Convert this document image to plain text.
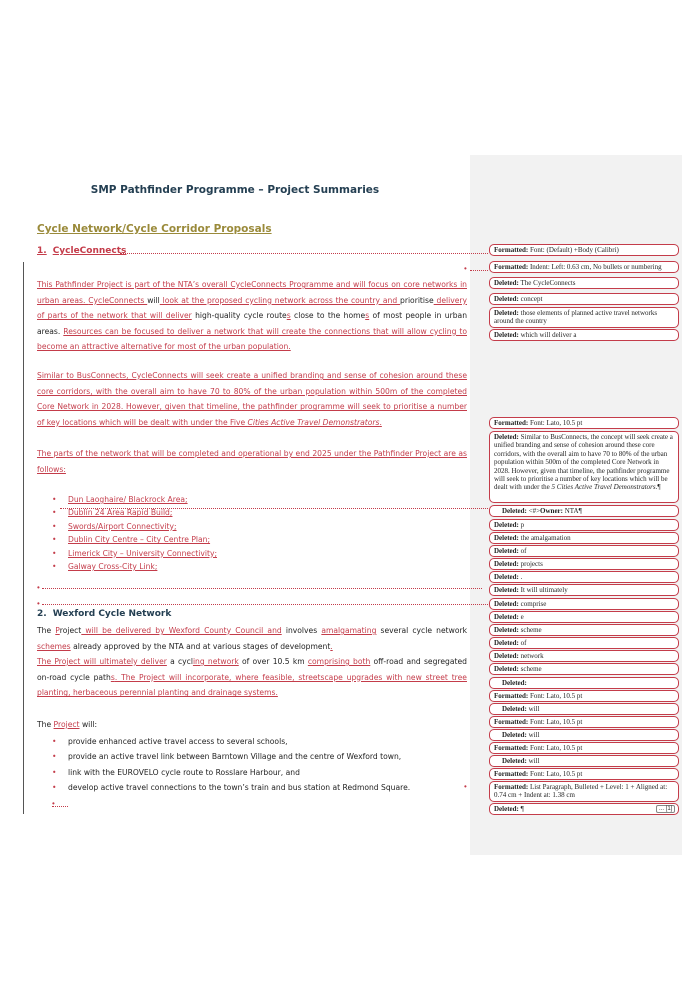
SMP Pathfinder Programme – Project Summaries
Cycle Network/Cycle Corridor Proposals
1. CycleConnects
•
This Pathfinder Project is part of the NTA’s overall CycleConnects Programme and will focus on core networks in urban areas. CycleConnects will look at the proposed cycling network across the country and prioritise delivery of parts of the network that will deliver high-quality cycle routes close to the homes of most people in urban areas. Resources can be focused to deliver a network that will create the connections that will allow cycling to become an attractive alternative for most of the urban population.
Similar to BusConnects, CycleConnects will seek create a unified branding and sense of cohesion around these core corridors, with the overall aim to have 70 to 80% of the urban population within 500m of the completed Core Network in 2028. However, given that timeline, the pathfinder programme will seek to prioritise a number of key locations which will be dealt with under the Five Cities Active Travel Demonstrators.
The parts of the network that will be completed and operational by end 2025 under the Pathfinder Project are as follows:
• Dun Laoghaire/ Blackrock Area;
• Dublin 24 Area Rapid Build;
• Swords/Airport Connectivity;
• Dublin City Centre – City Centre Plan;
• Limerick City – University Connectivity;
• Galway Cross-City Link;
•
•
2. Wexford Cycle Network
The Project will be delivered by Wexford County Council and involves amalgamating several cycle network schemes already approved by the NTA and at various stages of development.
The Project will ultimately deliver a cycling network of over 10.5 km comprising both off-road and segregated on-road cycle paths. The Project will incorporate, where feasible, streetscape upgrades with new street tree planting, herbaceous perennial planting and drainage systems.
The Project will:
• provide enhanced active travel access to several schools,
• provide an active travel link between Barntown Village and the centre of Wexford town,
• link with the EUROVELO cycle route to Rosslare Harbour, and
• develop active travel connections to the town’s train and bus station at Redmond Square.	•
•
Formatted: Font: (Default) +Body (Calibri)
Formatted: Indent: Left: 0.63 cm, No bullets or numbering
Deleted: The CycleConnects
Deleted: concept
Deleted: those elements of planned active travel networks around the country
Deleted: which will deliver a
Formatted: Font: Lato, 10.5 pt
Deleted: Similar to BusConnects, the concept will seek create a unified branding and sense of cohesion around these core corridors, with the overall aim to have 70 to 80% of the urban population within 500m of the completed Core Network in 2028. However, given that timeline, the pathfinder programme will seek to prioritise a number of key locations which will be dealt with under the 5 Cities Active Travel Demonstrators.¶
Deleted: <#>Owner: NTA¶
Deleted: p
Deleted: the amalgamation
Deleted: of
Deleted: projects
Deleted: .
Deleted: It will ultimately
Deleted: comprise
Deleted: e
Deleted: scheme
Deleted: of
Deleted: network
Deleted: scheme
Deleted:
Formatted: Font: Lato, 10.5 pt
Deleted: will
Formatted: Font: Lato, 10.5 pt
Deleted: will
Formatted: Font: Lato, 10.5 pt
Deleted: will
Formatted: Font: Lato, 10.5 pt
Formatted: List Paragraph, Bulleted + Level: 1 + Aligned at: 0.74 cm + Indent at: 1.38 cm
Deleted: ¶	... [1]
